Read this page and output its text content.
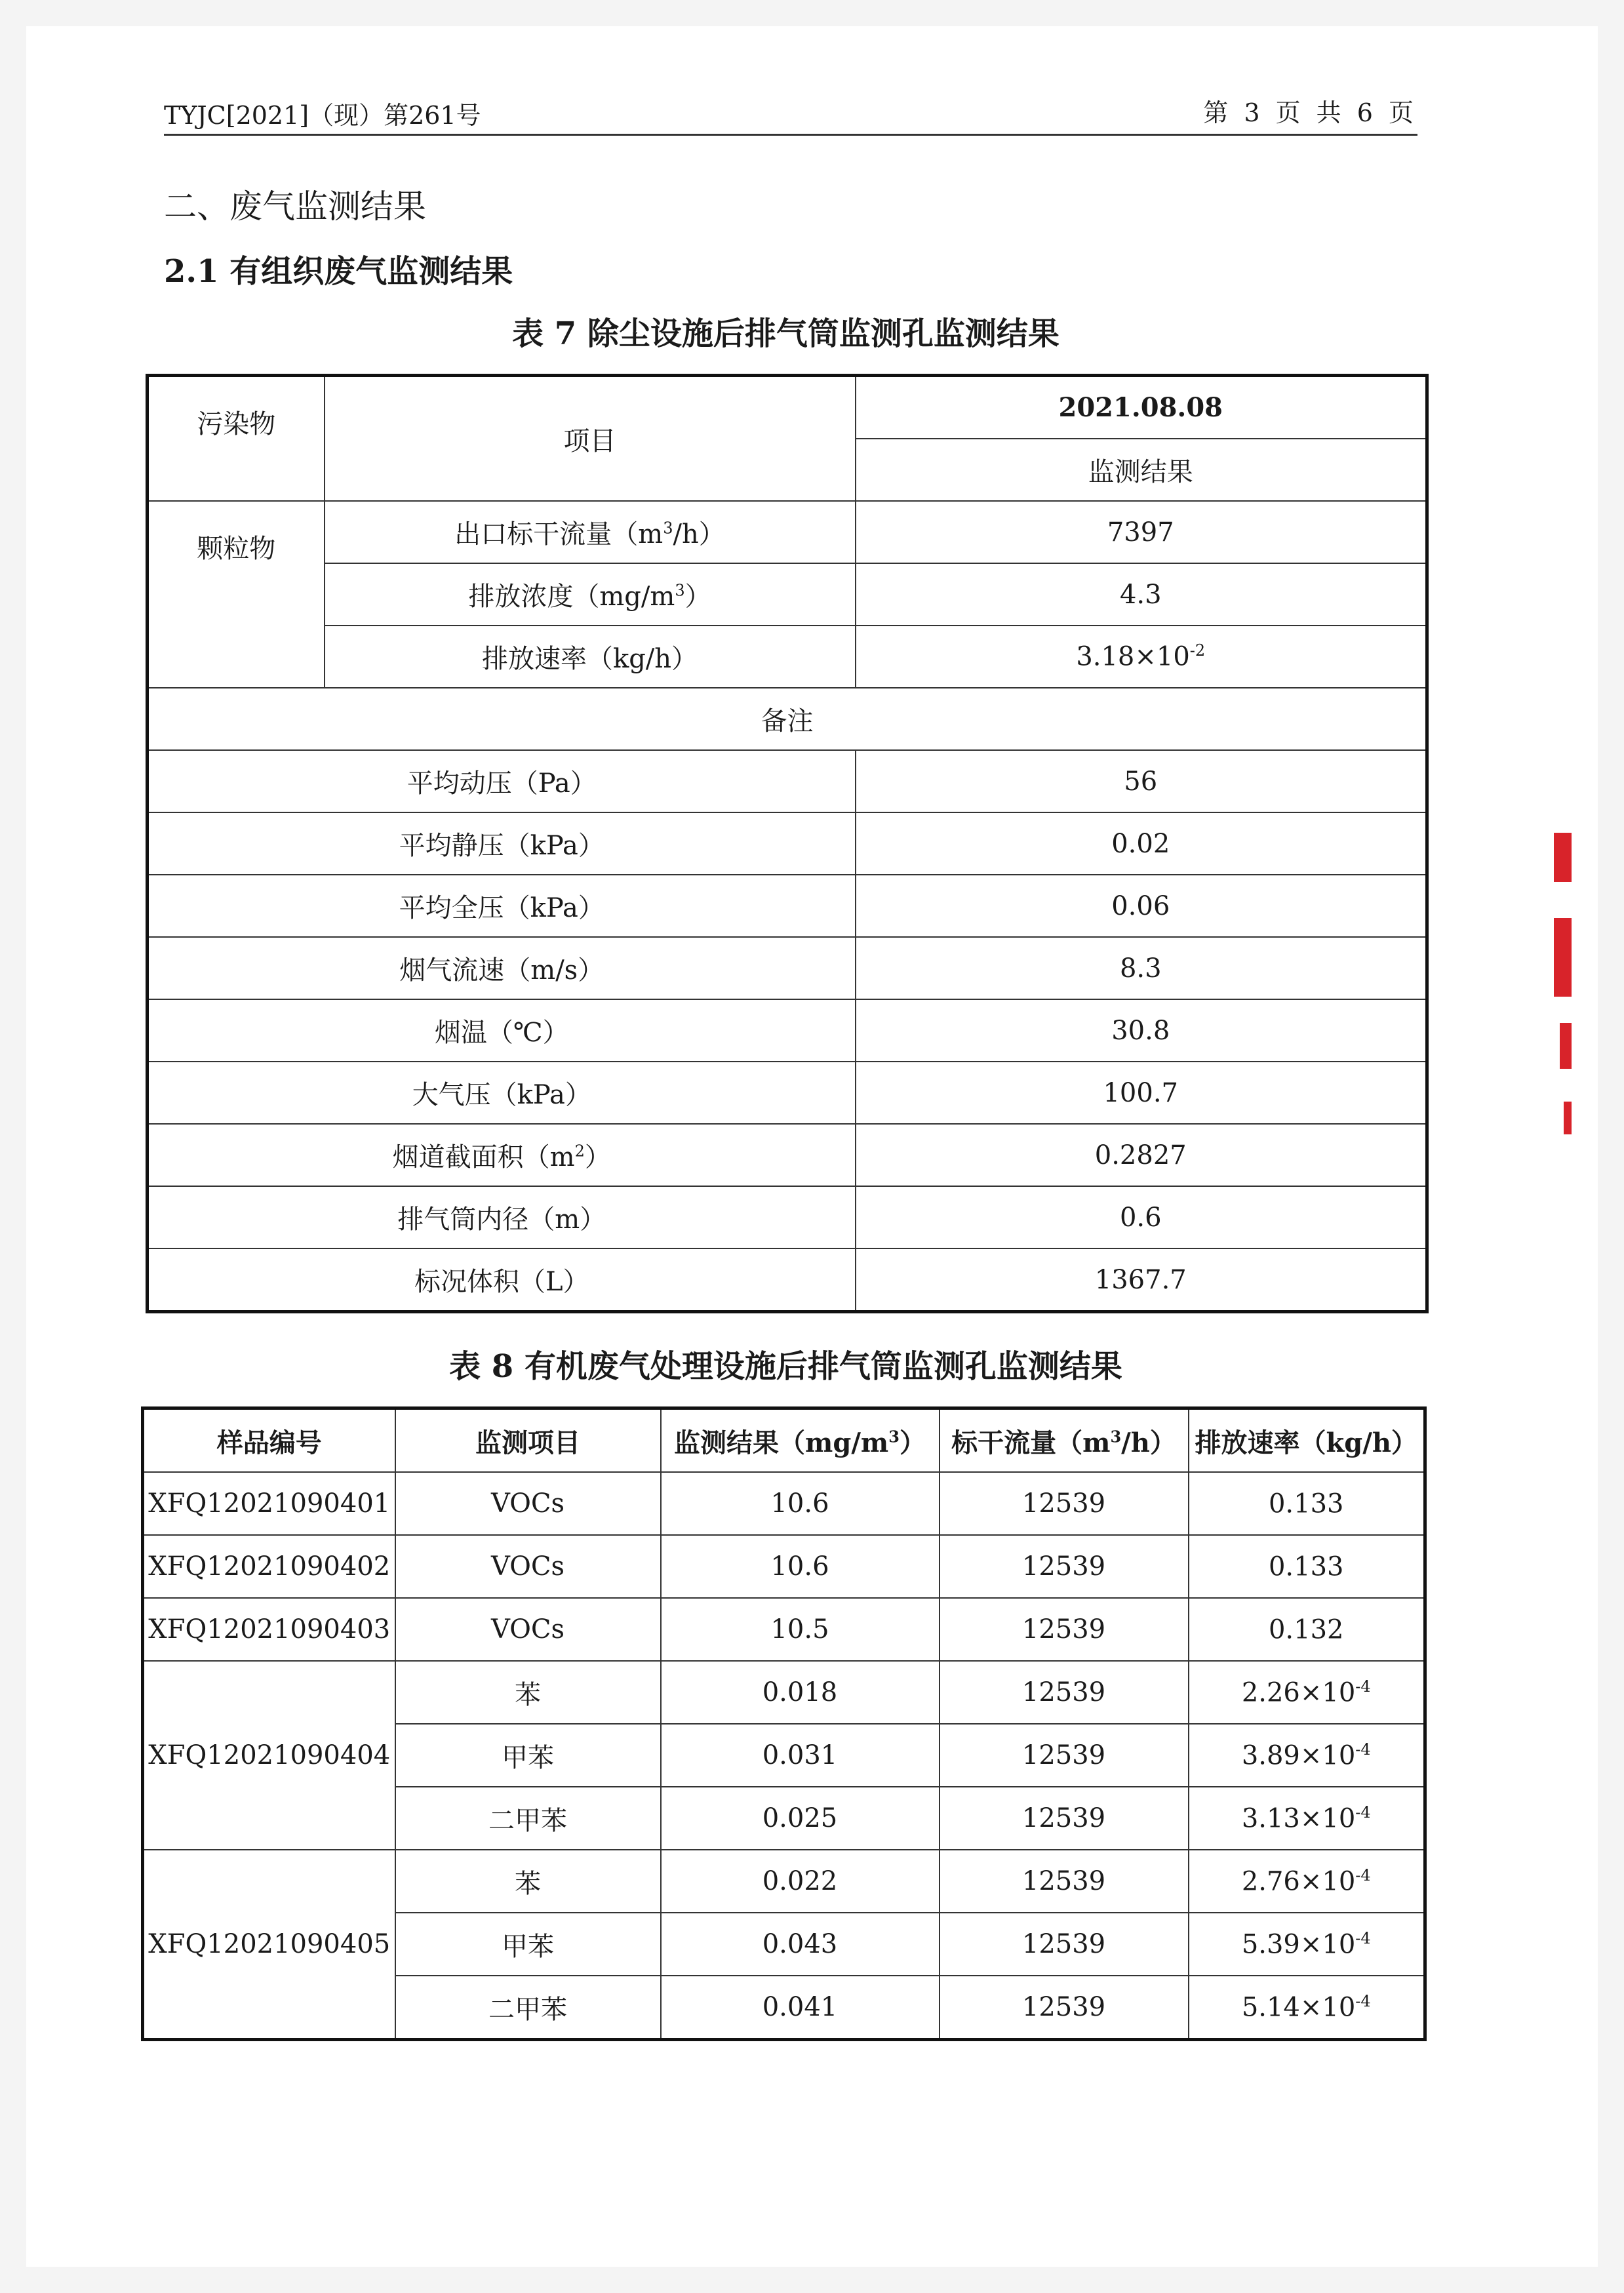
TYJC[2021]（现）第261号	第 3 页 共 6 页
二、废气监测结果
2.1 有组织废气监测结果
表 7 除尘设施后排气筒监测孔监测结果
污染物	项目	2021.08.08
		监测结果
颗粒物	出口标干流量$(m^3/h)$	7397
	排放浓度$(mg/m^3)$	4.3
	排放速率（kg/h）	$3.18\times 10^{-2}$
备注		
平均动压（Pa）		56
平均静压（kPa）		0.02
平均全压（kPa）		0.06
烟气流速（m/s）		8.3
烟温（℃）		30.8
大气压（kPa）		100.7
烟道截面积$(m^2)$		0.2827
排气筒内径（m）		0.6
标况体积（L）		1367.7
表 8 有机废气处理设施后排气筒监测孔监测结果
样品编号	监测项目	监测结果$(mg/m^3)$	标干流量$(m^3/h)$	排放速率（kg/h）
XFQ12021090401	VOCs	10.6	12539	0.133
XFQ12021090402	VOCs	10.6	12539	0.133
XFQ12021090403	VOCs	10.5	12539	0.132
XFQ12021090404	苯	0.018	12539	$2.26\times 10^{-4}$
	甲苯	0.031	12539	$3.89\times 10^{-4}$
	二甲苯	0.025	12539	$3.13\times 10^{-4}$
XFQ12021090405	苯	0.022	12539	$2.76\times 10^{-4}$
	甲苯	0.043	12539	$5.39\times 10^{-4}$
	二甲苯	0.041	12539	$5.14\times 10^{-4}$
